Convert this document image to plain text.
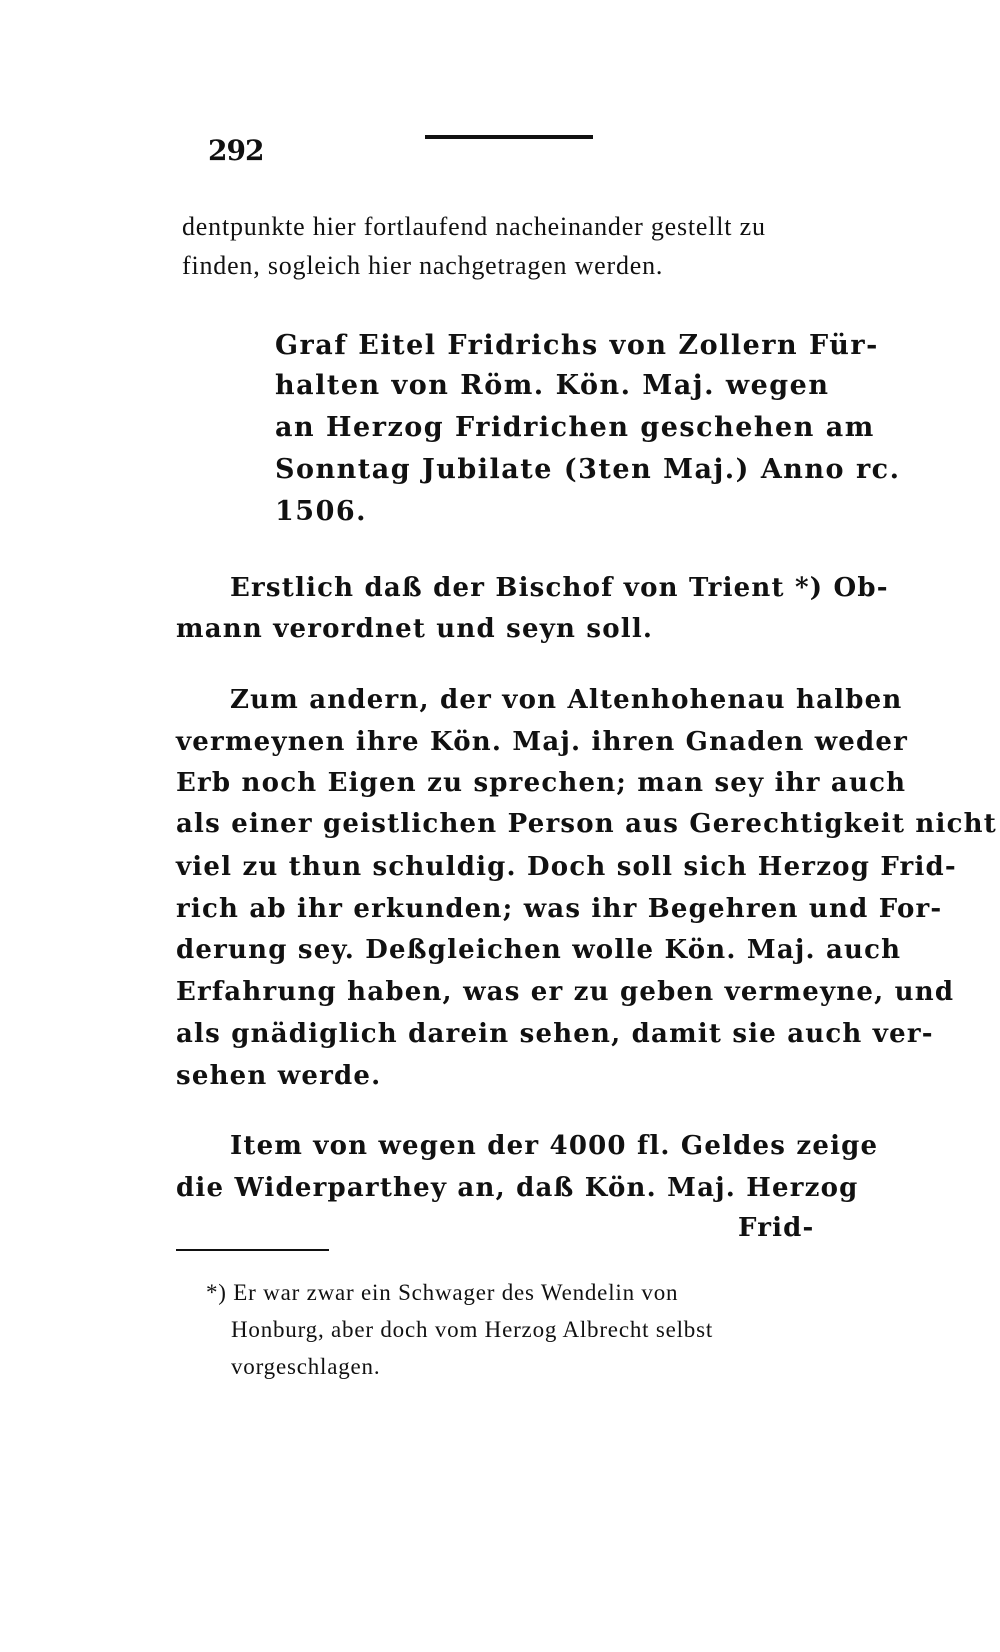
292
dentpunkte hier fortlaufend nacheinander gestellt zu
finden, sogleich hier nachgetragen werden.
Graf Eitel Fridrichs von Zollern Für-
halten von Röm. Kön. Maj. wegen
an Herzog Fridrichen geschehen am
Sonntag Jubilate (3ten Maj.) Anno rc.
1506.
Erstlich daß der Bischof von Trient *) Ob-
mann verordnet und seyn soll.
Zum andern, der von Altenhohenau halben
vermeynen ihre Kön. Maj. ihren Gnaden weder
Erb noch Eigen zu sprechen; man sey ihr auch
als einer geistlichen Person aus Gerechtigkeit nicht
viel zu thun schuldig. Doch soll sich Herzog Frid-
rich ab ihr erkunden; was ihr Begehren und For-
derung sey. Deßgleichen wolle Kön. Maj. auch
Erfahrung haben, was er zu geben vermeyne, und
als gnädiglich darein sehen, damit sie auch ver-
sehen werde.
Item von wegen der 4000 fl. Geldes zeige
die Widerparthey an, daß Kön. Maj. Herzog
Frid-
*) Er war zwar ein Schwager des Wendelin von
Honburg, aber doch vom Herzog Albrecht selbst
vorgeschlagen.
